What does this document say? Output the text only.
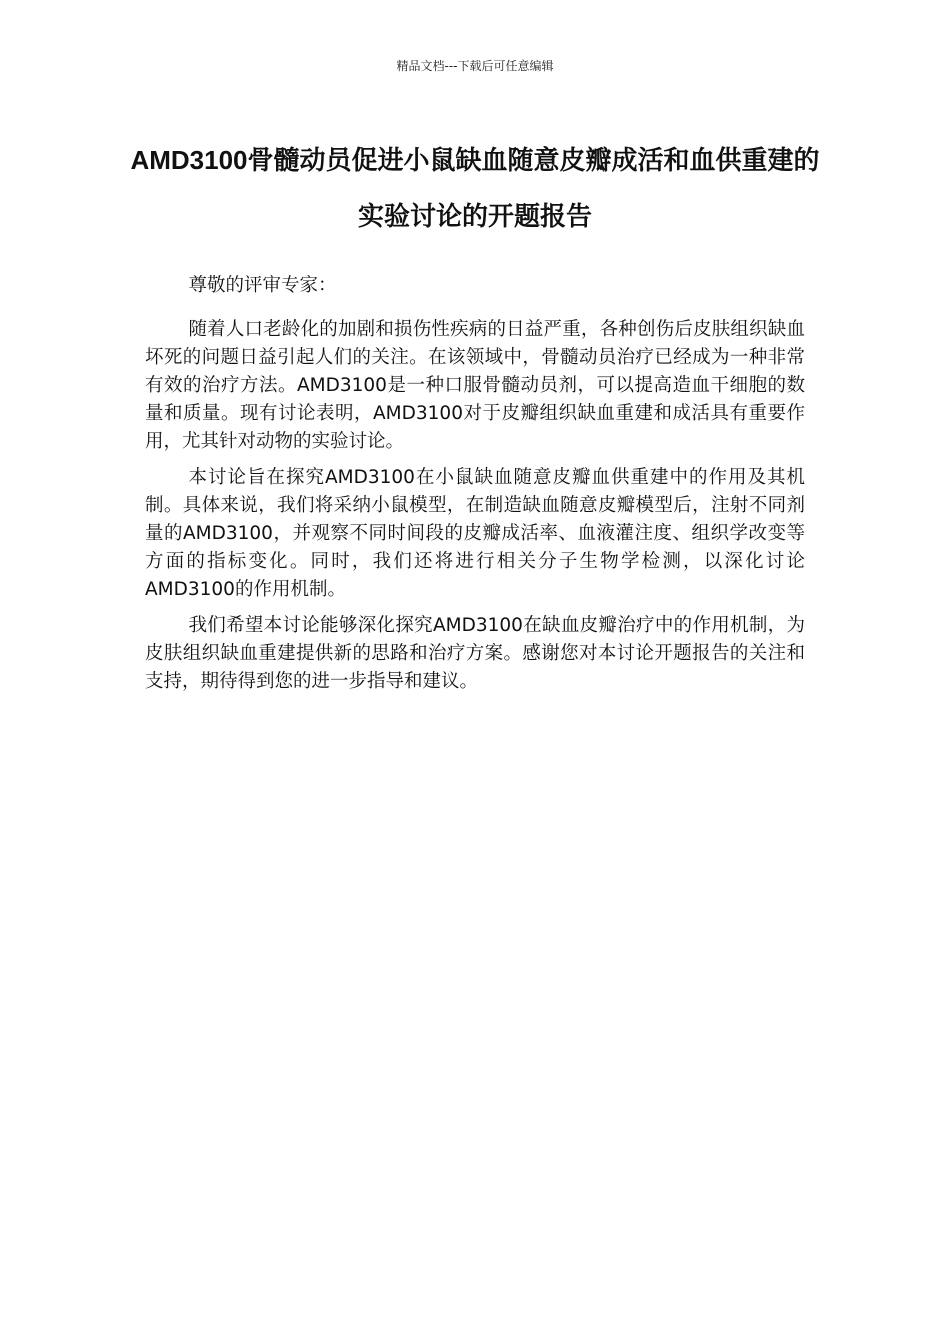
精品文档---下载后可任意编辑
AMD3100骨髓动员促进小鼠缺血随意皮瓣成活和血供重建的实验讨论的开题报告

尊敬的评审专家：

随着人口老龄化的加剧和损伤性疾病的日益严重，各种创伤后皮肤组织缺血坏死的问题日益引起人们的关注。在该领域中，骨髓动员治疗已经成为一种非常有效的治疗方法。AMD3100是一种口服骨髓动员剂，可以提高造血干细胞的数量和质量。现有讨论表明，AMD3100对于皮瓣组织缺血重建和成活具有重要作用，尤其针对动物的实验讨论。

本讨论旨在探究AMD3100在小鼠缺血随意皮瓣血供重建中的作用及其机制。具体来说，我们将采纳小鼠模型，在制造缺血随意皮瓣模型后，注射不同剂量的AMD3100，并观察不同时间段的皮瓣成活率、血液灌注度、组织学改变等方面的指标变化。同时，我们还将进行相关分子生物学检测，以深化讨论AMD3100的作用机制。

我们希望本讨论能够深化探究AMD3100在缺血皮瓣治疗中的作用机制，为皮肤组织缺血重建提供新的思路和治疗方案。感谢您对本讨论开题报告的关注和支持，期待得到您的进一步指导和建议。
